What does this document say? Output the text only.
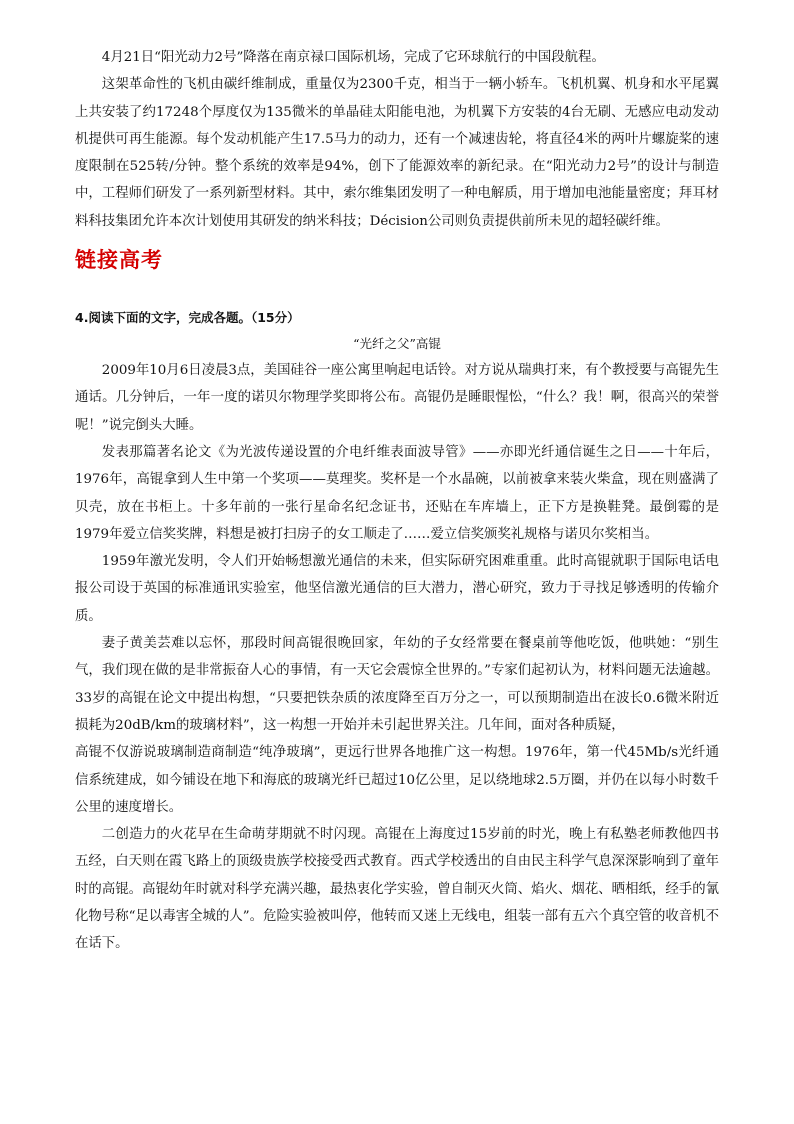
4月21日“阳光动力2号”降落在南京禄口国际机场，完成了它环球航行的中国段航程。

这架革命性的飞机由碳纤维制成，重量仅为2300千克，相当于一辆小轿车。飞机机翼、机身和水平尾翼上共安装了约17248个厚度仅为135微米的单晶硅太阳能电池，为机翼下方安装的4台无刷、无感应电动发动机提供可再生能源。每个发动机能产生17.5马力的动力，还有一个减速齿轮，将直径4米的两叶片螺旋桨的速度限制在525转/分钟。整个系统的效率是94%，创下了能源效率的新纪录。在“阳光动力2号”的设计与制造中，工程师们研发了一系列新型材料。其中，索尔维集团发明了一种电解质，用于增加电池能量密度；拜耳材料科技集团允许本次计划使用其研发的纳米科技；Décision公司则负责提供前所未见的超轻碳纤维。

链接高考

4.阅读下面的文字，完成各题。（15分）

“光纤之父”高锟

2009年10月6日凌晨3点，美国硅谷一座公寓里响起电话铃。对方说从瑞典打来，有个教授要与高锟先生通话。几分钟后，一年一度的诺贝尔物理学奖即将公布。高锟仍是睡眼惺忪，“什么？我！啊，很高兴的荣誉呢！”说完倒头大睡。

发表那篇著名论文《为光波传递设置的介电纤维表面波导管》——亦即光纤通信诞生之日——十年后，1976年，高锟拿到人生中第一个奖项——莫理奖。奖杯是一个水晶碗，以前被拿来装火柴盒，现在则盛满了贝壳，放在书柜上。十多年前的一张行星命名纪念证书，还贴在车库墙上，正下方是换鞋凳。最倒霉的是1979年爱立信奖奖牌，料想是被打扫房子的女工顺走了……爱立信奖颁奖礼规格与诺贝尔奖相当。

1959年激光发明，令人们开始畅想激光通信的未来，但实际研究困难重重。此时高锟就职于国际电话电报公司设于英国的标准通讯实验室，他坚信激光通信的巨大潜力，潜心研究，致力于寻找足够透明的传输介质。

妻子黄美芸难以忘怀，那段时间高锟很晚回家，年幼的子女经常要在餐桌前等他吃饭，他哄她：“别生气，我们现在做的是非常振奋人心的事情，有一天它会震惊全世界的。”专家们起初认为，材料问题无法逾越。33岁的高锟在论文中提出构想，“只要把铁杂质的浓度降至百万分之一，可以预期制造出在波长0.6微米附近损耗为20dB/km的玻璃材料”，这一构想一开始并未引起世界关注。几年间，面对各种质疑，

高锟不仅游说玻璃制造商制造“纯净玻璃”，更远行世界各地推广这一构想。1976年，第一代45Mb/s光纤通信系统建成，如今铺设在地下和海底的玻璃光纤已超过10亿公里，足以绕地球2.5万圈，并仍在以每小时数千公里的速度增长。

二创造力的火花早在生命萌芽期就不时闪现。高锟在上海度过15岁前的时光，晚上有私塾老师教他四书五经，白天则在霞飞路上的顶级贵族学校接受西式教育。西式学校透出的自由民主科学气息深深影响到了童年时的高锟。高锟幼年时就对科学充满兴趣，最热衷化学实验，曾自制灭火筒、焰火、烟花、晒相纸，经手的氰化物号称“足以毒害全城的人”。危险实验被叫停，他转而又迷上无线电，组装一部有五六个真空管的收音机不在话下。
